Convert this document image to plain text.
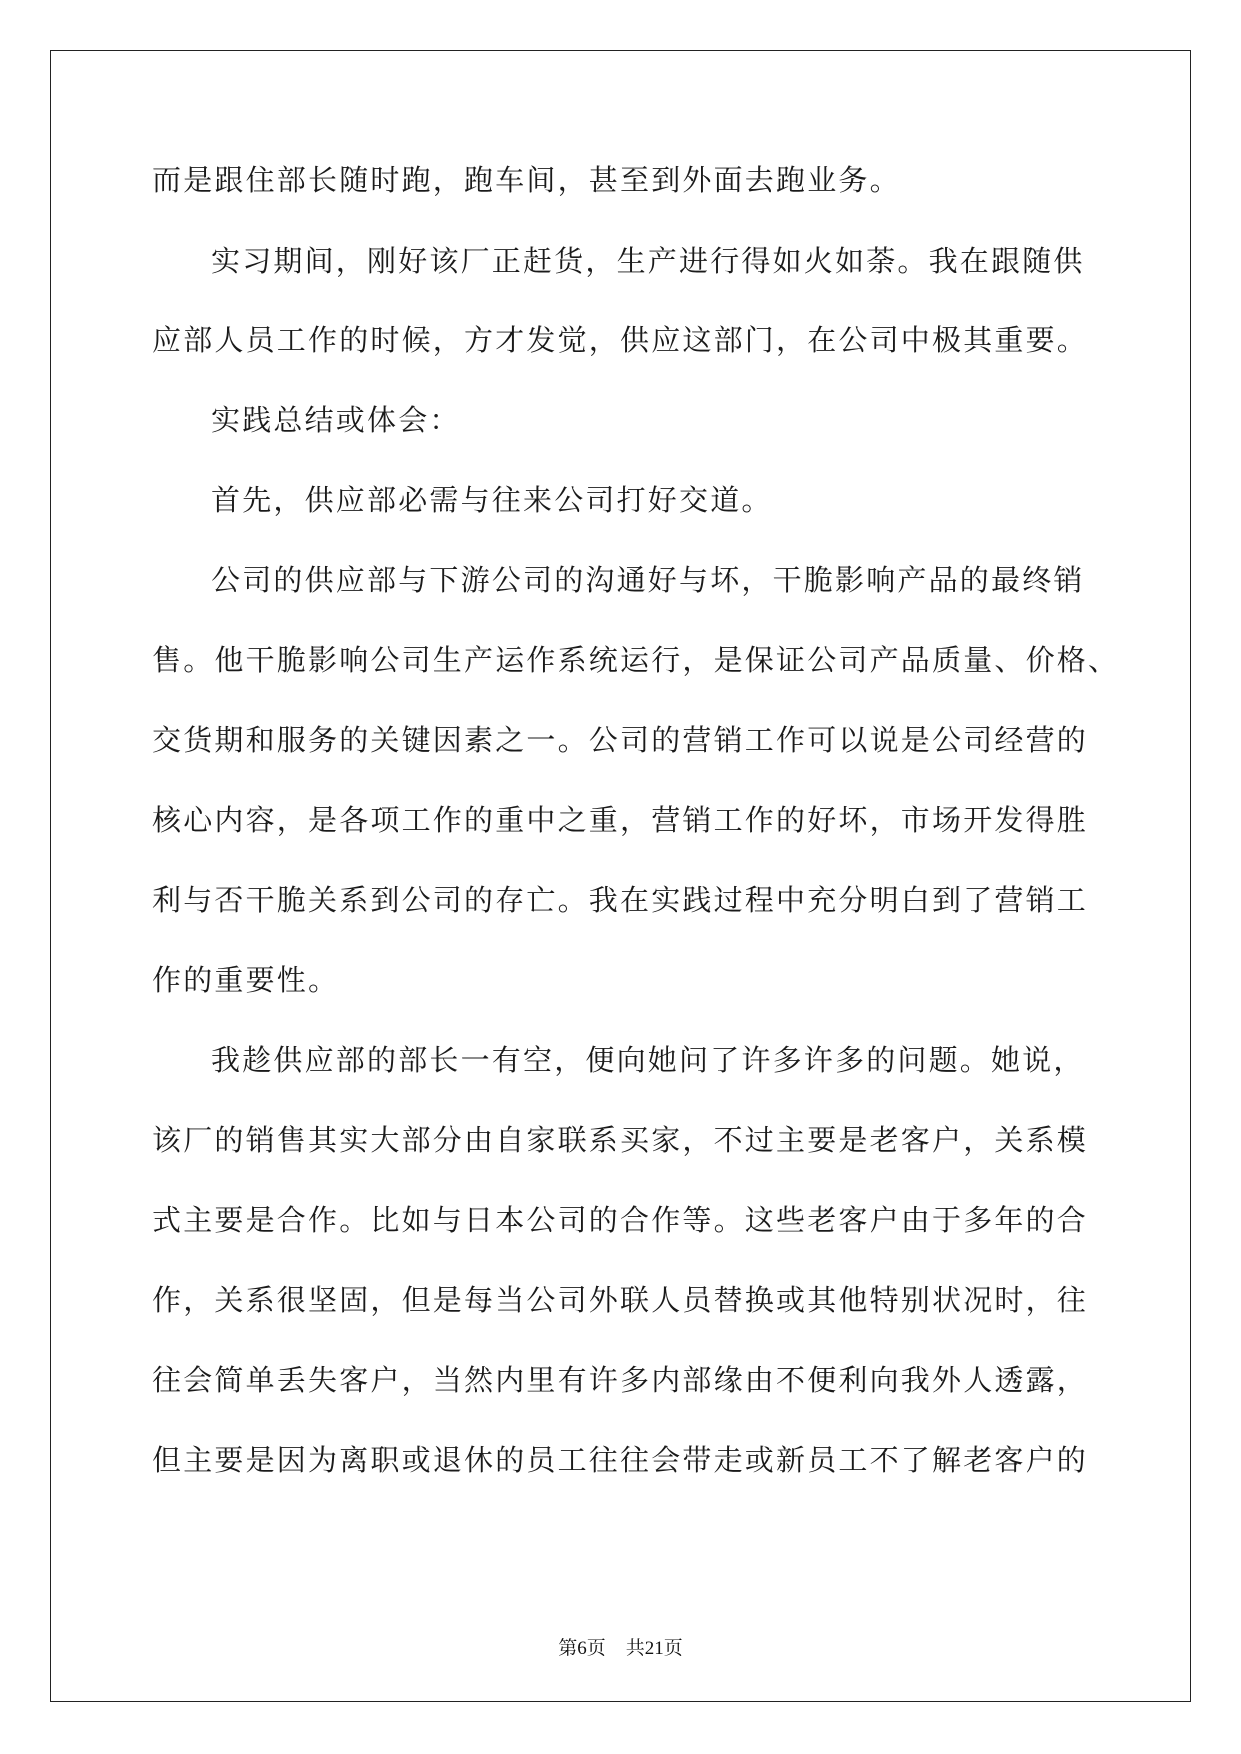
而是跟住部长随时跑，跑车间，甚至到外面去跑业务。
实习期间，刚好该厂正赶货，生产进行得如火如荼。我在跟随供
应部人员工作的时候，方才发觉，供应这部门，在公司中极其重要。
实践总结或体会：
首先，供应部必需与往来公司打好交道。
公司的供应部与下游公司的沟通好与坏，干脆影响产品的最终销
售。他干脆影响公司生产运作系统运行，是保证公司产品质量、价格、
交货期和服务的关键因素之一。公司的营销工作可以说是公司经营的
核心内容，是各项工作的重中之重，营销工作的好坏，市场开发得胜
利与否干脆关系到公司的存亡。我在实践过程中充分明白到了营销工
作的重要性。
我趁供应部的部长一有空，便向她问了许多许多的问题。她说，
该厂的销售其实大部分由自家联系买家，不过主要是老客户，关系模
式主要是合作。比如与日本公司的合作等。这些老客户由于多年的合
作，关系很坚固，但是每当公司外联人员替换或其他特别状况时，往
往会简单丢失客户，当然内里有许多内部缘由不便利向我外人透露，
但主要是因为离职或退休的员工往往会带走或新员工不了解老客户的
第6页 共21页
